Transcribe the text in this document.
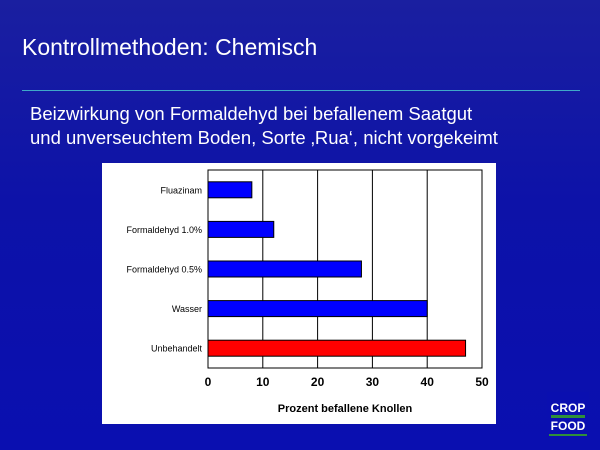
Kontrollmethoden: Chemisch
Beizwirkung von Formaldehyd bei befallenem Saatgut
und unverseuchtem Boden, Sorte ‚Rua‘, nicht vorgekeimt
Fluazinam
Formaldehyd 1.0%
Formaldehyd 0.5%
Wasser
Unbehandelt
0	10	20	30	40	50
Prozent befallene Knollen	CROP
FOOD
